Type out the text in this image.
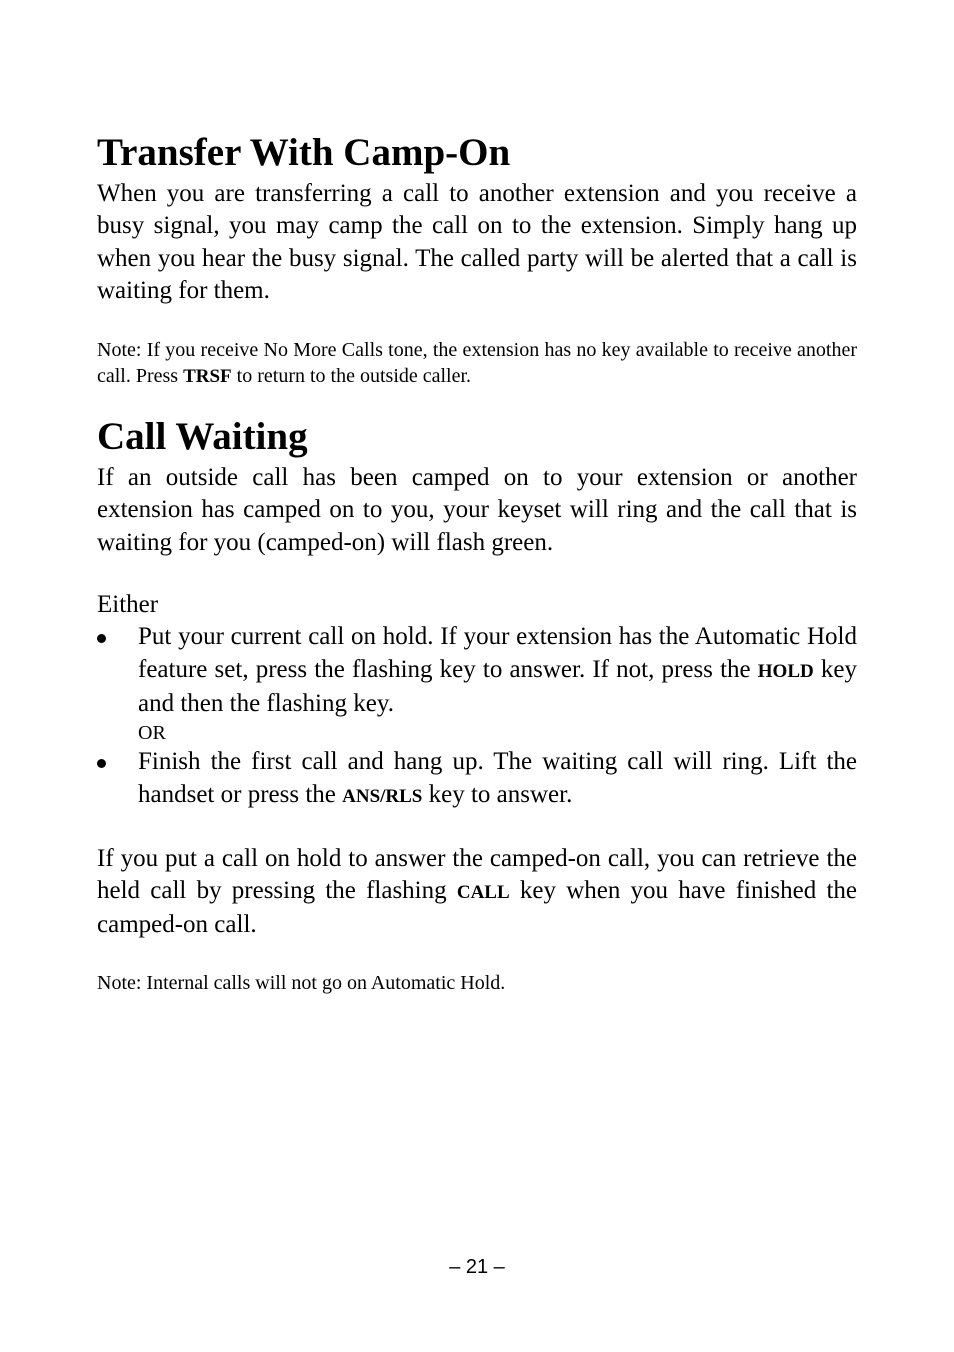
Transfer With Camp-On

When you are transferring a call to another extension and you receive a busy signal, you may camp the call on to the extension. Simply hang up when you hear the busy signal. The called party will be alerted that a call is waiting for them.

Note: If you receive No More Calls tone, the extension has no key available to receive another call. Press TRSF to return to the outside caller.

Call Waiting

If an outside call has been camped on to your extension or another extension has camped on to you, your keyset will ring and the call that is waiting for you (camped-on) will flash green.

Either

Put your current call on hold. If your extension has the Automatic Hold feature set, press the flashing key to answer. If not, press the HOLD key and then the flashing key.

OR

Finish the first call and hang up. The waiting call will ring. Lift the handset or press the ANS/RLS key to answer.

If you put a call on hold to answer the camped-on call, you can retrieve the held call by pressing the flashing CALL key when you have finished the camped-on call.

Note: Internal calls will not go on Automatic Hold.

– 21 –
